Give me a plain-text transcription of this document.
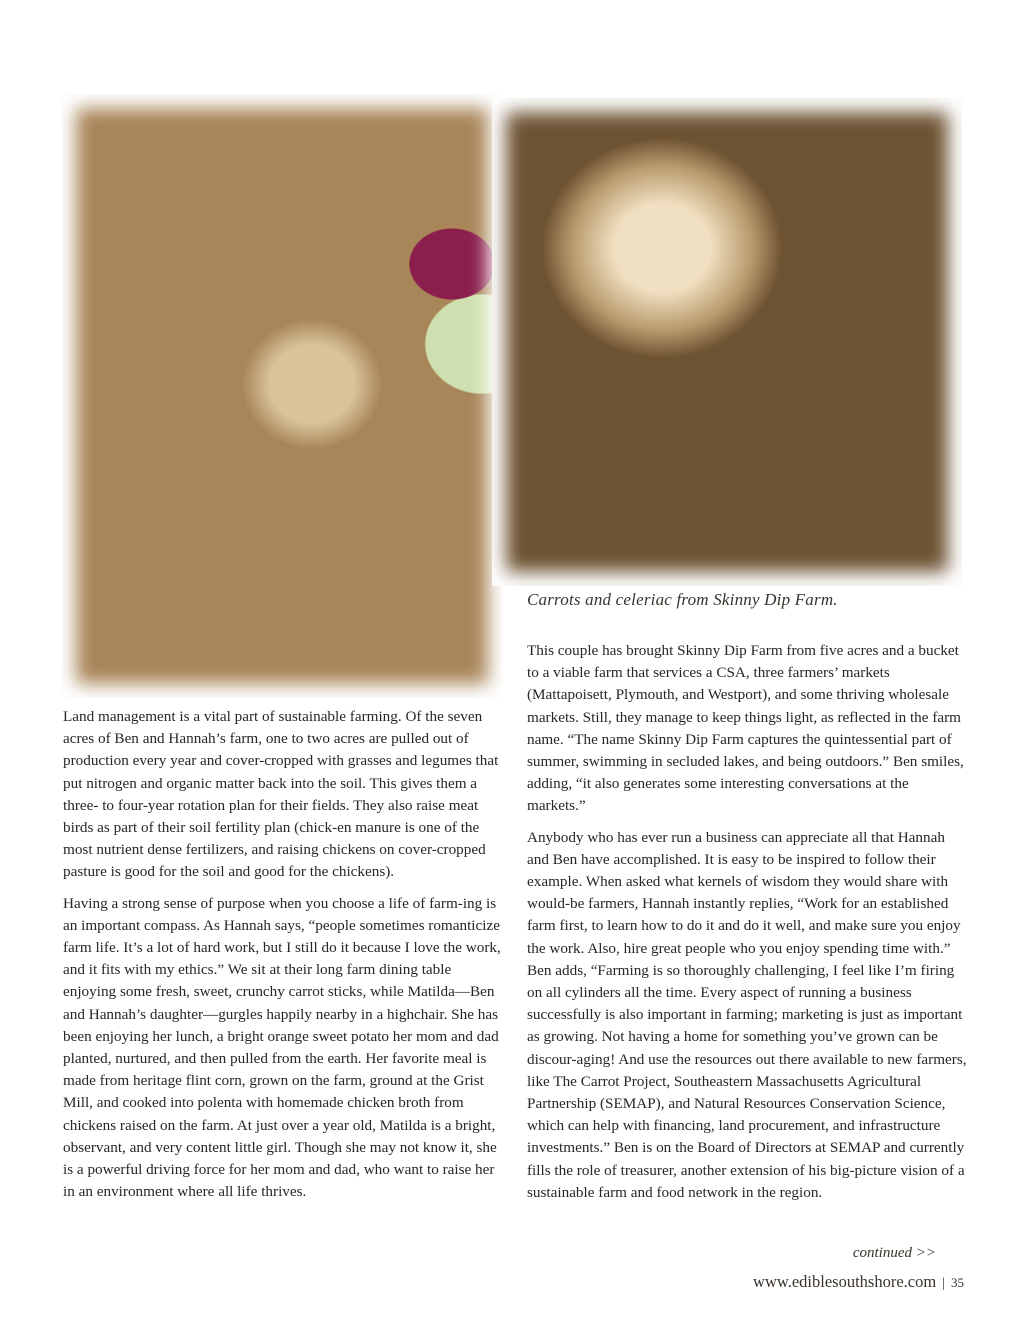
Carrots and celeriac from Skinny Dip Farm.

Land management is a vital part of sustainable farming. Of the seven acres of Ben and Hannah’s farm, one to two acres are pulled out of production every year and cover-cropped with grasses and legumes that put nitrogen and organic matter back into the soil. This gives them a three- to four-year rotation plan for their fields. They also raise meat birds as part of their soil fertility plan (chick-en manure is one of the most nutrient dense fertilizers, and raising chickens on cover-cropped pasture is good for the soil and good for the chickens).

Having a strong sense of purpose when you choose a life of farm-ing is an important compass. As Hannah says, “people sometimes romanticize farm life. It’s a lot of hard work, but I still do it because I love the work, and it fits with my ethics.” We sit at their long farm dining table enjoying some fresh, sweet, crunchy carrot sticks, while Matilda—Ben and Hannah’s daughter—gurgles happily nearby in a highchair. She has been enjoying her lunch, a bright orange sweet potato her mom and dad planted, nurtured, and then pulled from the earth. Her favorite meal is made from heritage flint corn, grown on the farm, ground at the Grist Mill, and cooked into polenta with homemade chicken broth from chickens raised on the farm. At just over a year old, Matilda is a bright, observant, and very content little girl. Though she may not know it, she is a powerful driving force for her mom and dad, who want to raise her in an environment where all life thrives.

This couple has brought Skinny Dip Farm from five acres and a bucket to a viable farm that services a CSA, three farmers’ markets (Mattapoisett, Plymouth, and Westport), and some thriving wholesale markets. Still, they manage to keep things light, as reflected in the farm name. “The name Skinny Dip Farm captures the quintessential part of summer, swimming in secluded lakes, and being outdoors.” Ben smiles, adding, “it also generates some interesting conversations at the markets.”

Anybody who has ever run a business can appreciate all that Hannah and Ben have accomplished. It is easy to be inspired to follow their example. When asked what kernels of wisdom they would share with would-be farmers, Hannah instantly replies, “Work for an established farm first, to learn how to do it and do it well, and make sure you enjoy the work. Also, hire great people who you enjoy spending time with.” Ben adds, “Farming is so thoroughly challenging, I feel like I’m firing on all cylinders all the time. Every aspect of running a business successfully is also important in farming; marketing is just as important as growing. Not having a home for something you’ve grown can be discour-aging! And use the resources out there available to new farmers, like The Carrot Project, Southeastern Massachusetts Agricultural Partnership (SEMAP), and Natural Resources Conservation Science, which can help with financing, land procurement, and infrastructure investments.” Ben is on the Board of Directors at SEMAP and currently fills the role of treasurer, another extension of his big-picture vision of a sustainable farm and food network in the region.

continued >>
www.ediblesouthshore.com | 35
